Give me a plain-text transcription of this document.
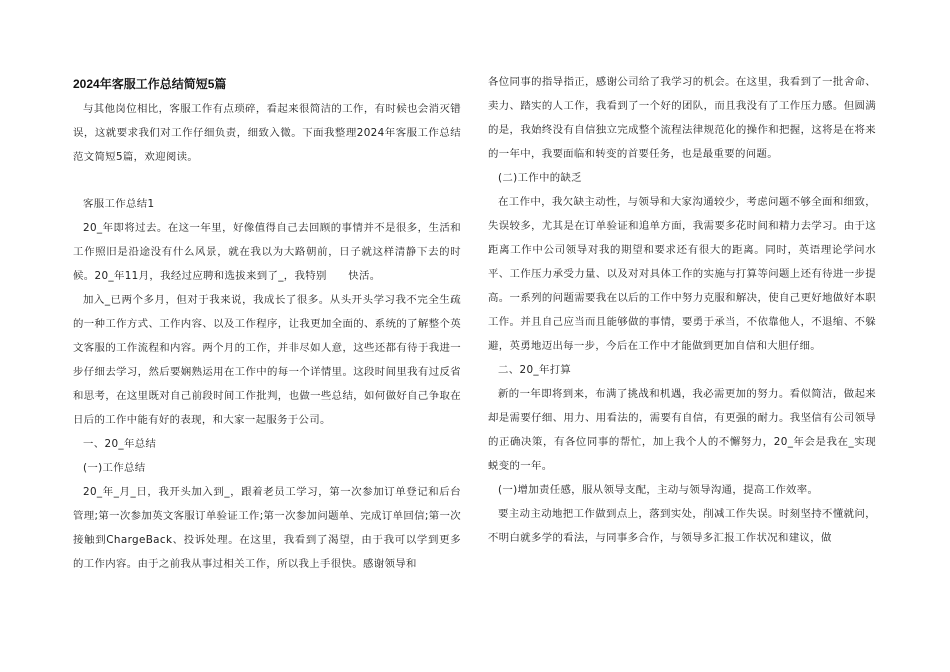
2024年客服工作总结简短5篇

与其他岗位相比，客服工作有点琐碎，看起来很简洁的工作，有时候也会消灭错误，这就要求我们对工作仔细负责，细致入微。下面我整理2024年客服工作总结范文简短5篇，欢迎阅读。

客服工作总结1

20_年即将过去。在这一年里，好像值得自己去回顾的事情并不是很多，生活和工作照旧是沿途没有什么风景，就在我以为大路朝前，日子就这样清静下去的时候。20_年11月，我经过应聘和选拔来到了_，我特别　　快活。

加入_已两个多月，但对于我来说，我成长了很多。从头开头学习我不完全生疏的一种工作方式、工作内容、以及工作程序，让我更加全面的、系统的了解整个英文客服的工作流程和内容。两个月的工作，并非尽如人意，这些还都有待于我进一步仔细去学习，然后要娴熟运用在工作中的每一个详情里。这段时间里我有过反省和思考，在这里既对自己前段时间工作批判，也做一些总结，如何做好自己争取在日后的工作中能有好的表现，和大家一起服务于公司。

一、20_年总结

(一)工作总结

20_年_月_日，我开头加入到_，跟着老员工学习，第一次参加订单登记和后台管理;第一次参加英文客服订单验证工作;第一次参加问题单、完成订单回信;第一次接触到ChargeBack、投诉处理。在这里，我看到了渴望，由于我可以学到更多的工作内容。由于之前我从事过相关工作，所以我上手很快。感谢领导和

各位同事的指导指正，感谢公司给了我学习的机会。在这里，我看到了一批舍命、卖力、踏实的人工作，我看到了一个好的团队，而且我没有了工作压力感。但圆满的是，我始终没有自信独立完成整个流程法律规范化的操作和把握，这将是在将来的一年中，我要面临和转变的首要任务，也是最重要的问题。

(二)工作中的缺乏

在工作中，我欠缺主动性，与领导和大家沟通较少，考虑问题不够全面和细致，失误较多，尤其是在订单验证和追单方面，我需要多花时间和精力去学习。由于这距离工作中公司领导对我的期望和要求还有很大的距离。同时，英语理论学问水平、工作压力承受力量、以及对对具体工作的实施与打算等问题上还有待进一步提高。一系列的问题需要我在以后的工作中努力克服和解决，使自己更好地做好本职工作。并且自己应当而且能够做的事情，要勇于承当，不依靠他人，不退缩、不躲避，英勇地迈出每一步，今后在工作中才能做到更加自信和大胆仔细。

二、20_年打算

新的一年即将到来，布满了挑战和机遇，我必需更加的努力。看似简洁，做起来却是需要仔细、用力、用看法的，需要有自信，有更强的耐力。我坚信有公司领导的正确决策，有各位同事的帮忙，加上我个人的不懈努力，20_年会是我在_实现蜕变的一年。

(一)增加责任感，服从领导支配，主动与领导沟通，提高工作效率。

要主动主动地把工作做到点上，落到实处，削减工作失误。时刻坚持不懂就问，不明白就多学的看法，与同事多合作，与领导多汇报工作状况和建议，做
